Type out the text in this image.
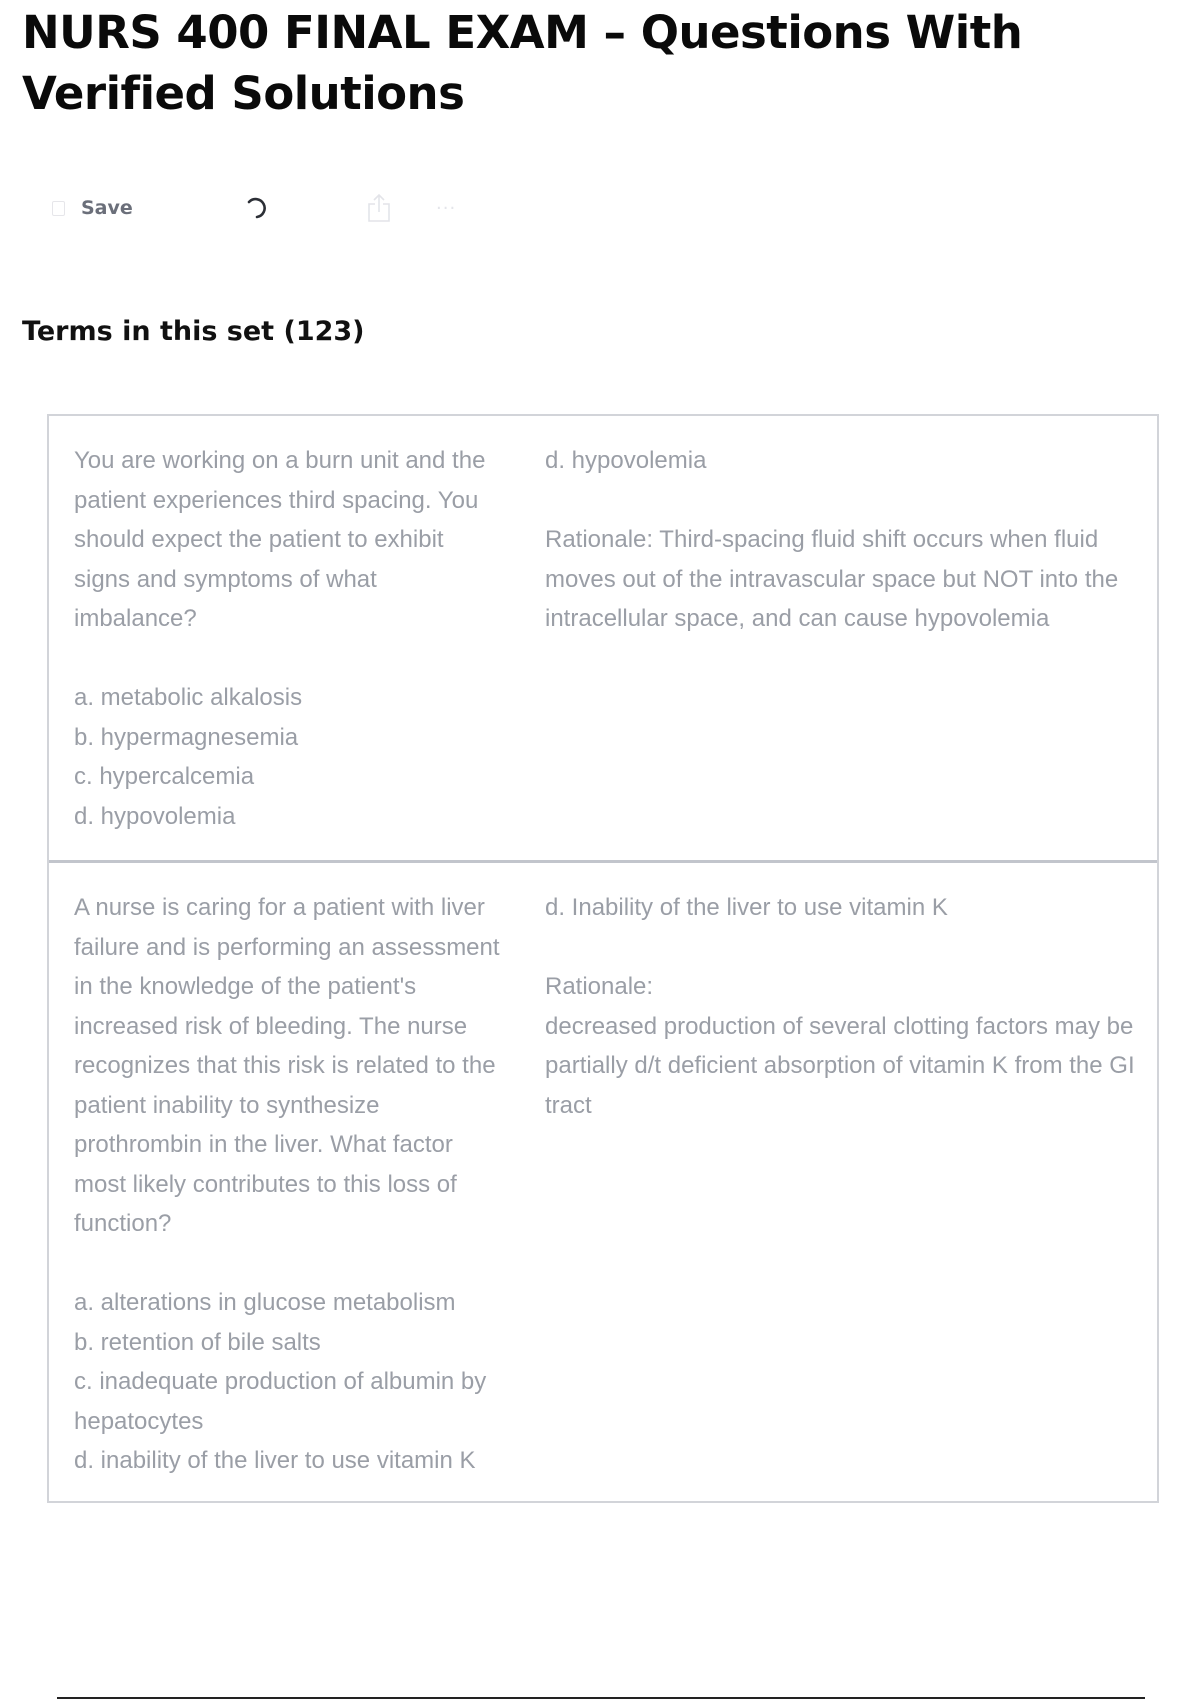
NURS 400 FINAL EXAM – Questions With Verified Solutions
Save	···
Terms in this set (123)
You are working on a burn unit and the patient experiences third spacing. You should expect the patient to exhibit signs and symptoms of what imbalance?

a. metabolic alkalosis
b. hypermagnesemia
c. hypercalcemia
d. hypovolemia
d. hypovolemia

Rationale: Third-spacing fluid shift occurs when fluid moves out of the intravascular space but NOT into the intracellular space, and can cause hypovolemia
A nurse is caring for a patient with liver failure and is performing an assessment in the knowledge of the patient's increased risk of bleeding. The nurse recognizes that this risk is related to the patient inability to synthesize prothrombin in the liver. What factor most likely contributes to this loss of function?

a. alterations in glucose metabolism
b. retention of bile salts
c. inadequate production of albumin by hepatocytes
d. inability of the liver to use vitamin K
d. Inability of the liver to use vitamin K

Rationale:
decreased production of several clotting factors may be partially d/t deficient absorption of vitamin K from the GI tract
